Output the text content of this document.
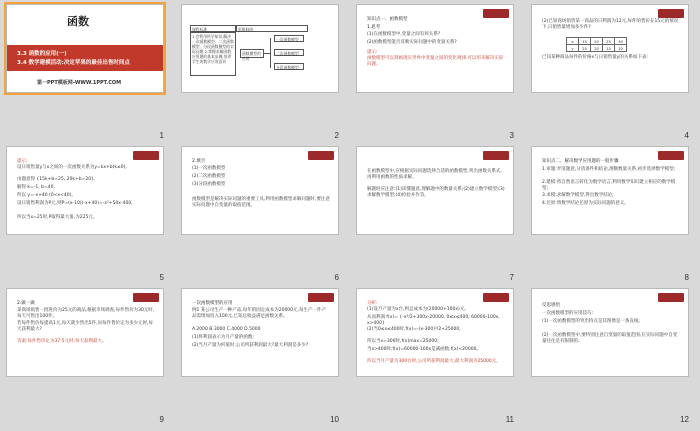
函数
3.3 函数的应用(一)
3.4 数学建模活动:决定苹果的最佳出售时间点
第一PPT模板网-WWW.1PPT.COM
1
课程标准	思维脉络
1.会利用所学知识,解决一次函数模型、二次函数模型、分段函数模型的实际问题 2.掌握求解函数应用题的基本步骤,培养学生的数学应用意识
函数模型的应用
一次函数模型
二次函数模型
分段函数模型
2
知识点一、函数模型
1.思考
(1)在函数模型中,变量之间有何关系?
(2)函数模型能否反映实际问题中的变量关系?
提示:
函数模型可以刻画现实世界中变量之间的变化规律,可以用来解决实际问题。
3
(2)已知商场销售某一商品的日利润为12元,每件的售价在15元的情况下,日销售量增加多少件?
x	15	20	25	30
y	25	20	15	10
已知某种商品每件的价格x与日销售量y的关系如下表:
4
提示:
设日销售量y与x之间的一次函数关系为y=kx+b(k≠0),
由题意得 {15k+b=25, 20k+b=20},
解得 k=-1, b=40,
所以 y=-x+40 (0<x<40)。
设日销售利润为P元,则P=(x-10)(-x+40)=-x²+50x-400,
所以当x=25时,P取得最大值,为225元。
5
2.填空
(1)一次函数模型
(2)二次函数模型
(3)分段函数模型
函数模型是解决实际问题的重要工具,利用函数模型求解问题时,要注意实际问题中自变量的取值范围。
6
在函数模型中,应根据实际问题选择合适的函数模型,列出函数关系式,再利用函数的性质求解。
解题时应注意:(1)读懂题意,理解题中的数量关系;(2)建立数学模型;(3)求解数学模型;(4)检验并作答。
7
知识点二、解决数学应用题的一般步骤
1.审题:弄清题意,分清条件和结论,理顺数量关系,初步选择数学模型;
2.建模:将自然语言转化为数学语言,利用数学知识建立相应的数学模型;
3.求模:求解数学模型,得出数学结论;
4.还原:将数学结论还原为实际问题的意义。
8
2.做一做
某商场销售一批进价为25元的商品,根据市场调查,每件售价为30元时,每天可售出100件。
若每件售价每提高1元,每天就少售出5件,问每件售价定为多少元时,每天获利最大?
答案:每件售价定为37.5元时,每天获利最大。
9
一次函数模型的应用
例1 某公司生产一种产品,每年的固定成本为20000元,每生产一件产品需增加投入100元,已知总收益满足函数关系。
A.2000 B.3000 C.4000 D.5000
(1)将利润表示为月产量的函数;
(2)当月产量为何值时,公司所获利润最大?最大利润是多少?
10
分析:
(1)设月产量为x台,则总成本为(20000+100x)元,
从而利润 f(x)= {-x²/2+300x-20000, 0≤x≤400; 60000-100x, x>400}
(2)当0≤x≤400时,f(x)=-(x-300)²/2+25000,
所以当x=300时,f(x)max=25000;
当x>400时,f(x)=60000-100x是减函数,f(x)<20000。
所以当月产量为300台时,公司所获利润最大,最大利润为25000元。
11
反思感悟
一次函数模型的应用技巧:
(1)一次函数模型的突出特点是其图像是一条直线;
(2)一次函数模型中,要特别注意自变量的取值范围,在实际问题中自变量往往是有限制的。
12
